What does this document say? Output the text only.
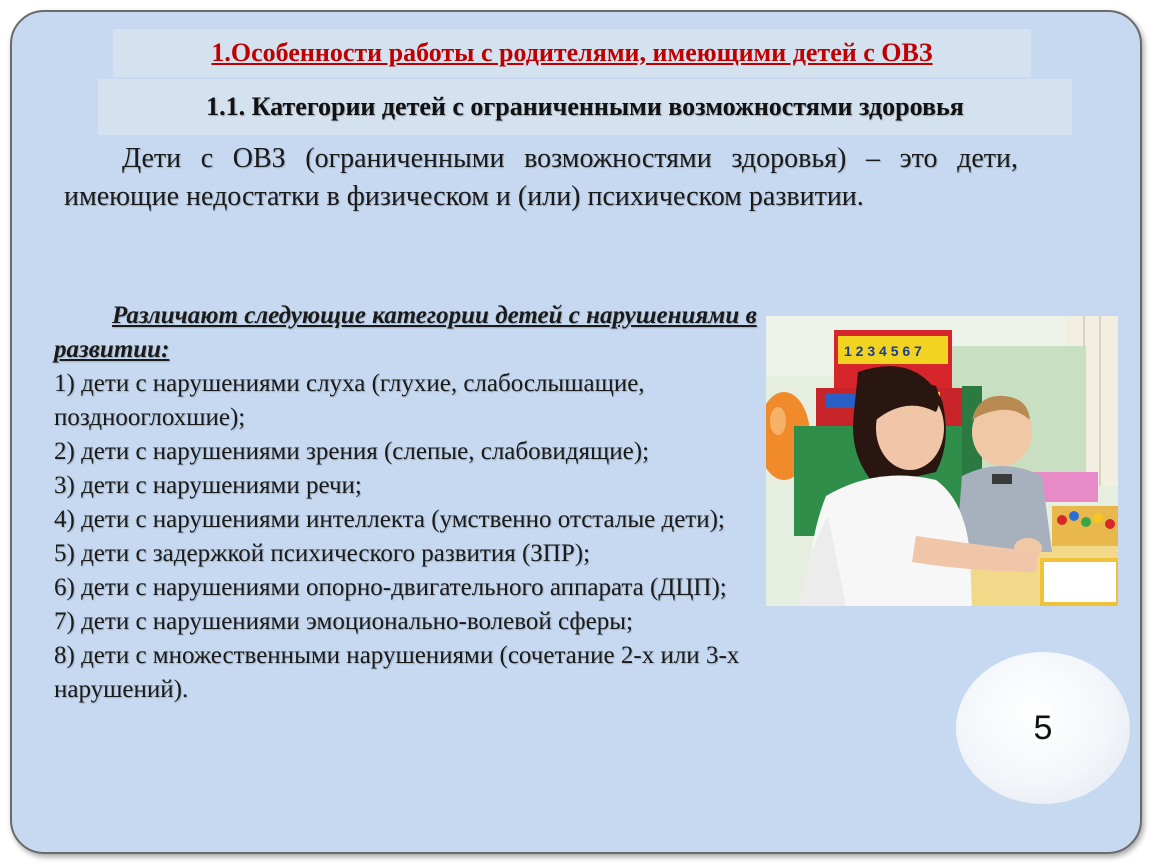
1.Особенности работы с родителями, имеющими детей с ОВЗ
1.1. Категории детей с ограниченными возможностями здоровья

Дети с ОВЗ (ограниченными возможностями здоровья) – это дети, имеющие недостатки в физическом и (или) психическом развитии.

Различают следующие категории детей с нарушениями в развитии:

1) дети с нарушениями слуха (глухие, слабослышащие, позднооглохшие);
2) дети с нарушениями зрения (слепые, слабовидящие);
3) дети с нарушениями речи;
4) дети с нарушениями интеллекта (умственно отсталые дети);
5) дети с задержкой психического развития (ЗПР);
6) дети с нарушениями опорно-двигательного аппарата (ДЦП);
7) дети с нарушениями эмоционально-волевой сферы;
8) дети с множественными нарушениями (сочетание 2-х или 3-х нарушений).
1 2 3 4 5 6 7
5
